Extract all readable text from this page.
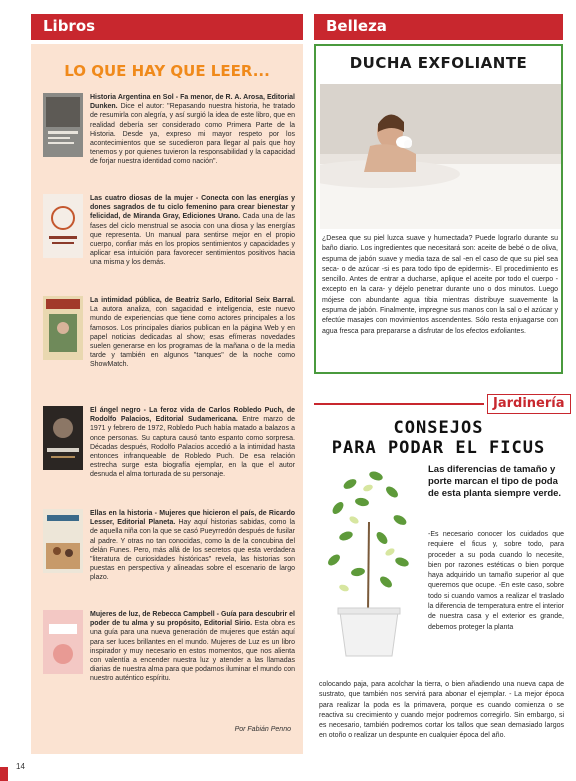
Libros	Belleza
LO QUE HAY QUE LEER...
Historia Argentina en Sol - Fa menor, de R. A. Arosa, Editorial Dunken. Dice el autor: "Repasando nuestra historia, he tratado de resumirla con alegría, y así surgió la idea de este libro, que en realidad debería ser considerado como Primera Parte de la Historia. Desde ya, expreso mi mayor respeto por los acontecimientos que se sucedieron para llegar al país que hoy tenemos y por quienes tuvieron la responsabilidad y la capacidad de forjar nuestra identidad como nación".
Las cuatro diosas de la mujer - Conecta con las energías y dones sagrados de tu ciclo femenino para crear bienestar y felicidad, de Miranda Gray, Ediciones Urano. Cada una de las fases del ciclo menstrual se asocia con una diosa y las energías que representa. Un manual para sentirse mejor en el propio cuerpo, confiar más en los propios sentimientos y capacidades y aplicar esa intuición para favorecer sentimientos positivos hacia una misma y los demás.
La intimidad pública, de Beatriz Sarlo, Editorial Seix Barral. La autora analiza, con sagacidad e inteligencia, este nuevo mundo de experiencias que tiene como actores principales a los famosos. Los principales diarios publican en la página Web y en papel noticias dedicadas al show; esas efímeras novedades suelen generarse en los programas de la mañana o de la media tarde y también en algunos "tanques" de la noche como ShowMatch.
El ángel negro - La feroz vida de Carlos Robledo Puch, de Rodolfo Palacios, Editorial Sudamericana. Entre marzo de 1971 y febrero de 1972, Robledo Puch había matado a balazos a once personas. Su captura causó tanto espanto como sorpresa. Décadas después, Rodolfo Palacios accedió a la intimidad hasta entonces infranqueable de Robledo Puch. De esa relación estrecha surge esta biografía ejemplar, en la que el autor desnuda el alma torturada de su personaje.
Ellas en la historia - Mujeres que hicieron el país, de Ricardo Lesser, Editorial Planeta. Hay aquí historias sabidas, como la de aquella niña con la que se casó Pueyrredón después de fusilar al padre. Y otras no tan conocidas, como la de la concubina del delán Funes. Pero, más allá de los secretos que esta verdadera "literatura de curiosidades históricas" revela, las historias son puestas en perspectiva y alineadas sobre el escenario de largo plazo.
Mujeres de luz, de Rebecca Campbell - Guía para descubrir el poder de tu alma y su propósito, Editorial Sirio. Esta obra es una guía para una nueva generación de mujeres que están aquí para ser luces brillantes en el mundo. Mujeres de Luz es un libro inspirador y muy necesario en estos momentos, que nos alienta con valentía a encender nuestra luz y atender a las llamadas diarias de nuestra alma para que podamos iluminar el mundo con nuestro auténtico espíritu.
Por Fabián Penno
DUCHA EXFOLIANTE
¿Desea que su piel luzca suave y humectada? Puede lograrlo durante su baño diario. Los ingredientes que necesitará son: aceite de bebé o de oliva, espuma de jabón suave y media taza de sal -en el caso de que su piel sea seca- o de azúcar -si es para todo tipo de epidermis-. El procedimiento es sencillo. Antes de entrar a ducharse, aplique el aceite por todo el cuerpo -excepto en la cara- y déjelo penetrar durante uno o dos minutos. Luego mójese con abundante agua tibia mientras distribuye suavemente la espuma de jabón. Finalmente, impregne sus manos con la sal o el azúcar y efectúe masajes con movimientos ascendentes. Sólo resta enjuagarse con agua fresca para prepararse a disfrutar de los efectos exfoliantes.
Jardinería
CONSEJOS
PARA PODAR EL FICUS
Las diferencias de tamaño y porte marcan el tipo de poda de esta planta siempre verde.
-Es necesario conocer los cuidados que requiere el ficus y, sobre todo, para proceder a su poda cuando lo necesite, bien por razones estéticas o bien porque haya adquirido un tamaño superior al que queremos que ocupe. -En este caso, sobre todo si cuando vamos a realizar el traslado la diferencia de temperatura entre el interior de nuestra casa y el exterior es grande, debemos proteger la planta
colocando paja, para acolchar la tierra, o bien añadiendo una nueva capa de sustrato, que también nos servirá para abonar el ejemplar. - La mejor época para realizar la poda es la primavera, porque es cuando comienza o se reactiva su crecimiento y cuando mejor podremos corregirlo. Sin embargo, si es necesario, también podremos cortar los tallos que sean demasiado largos en otoño o realizar un despunte en cualquier época del año.
14
